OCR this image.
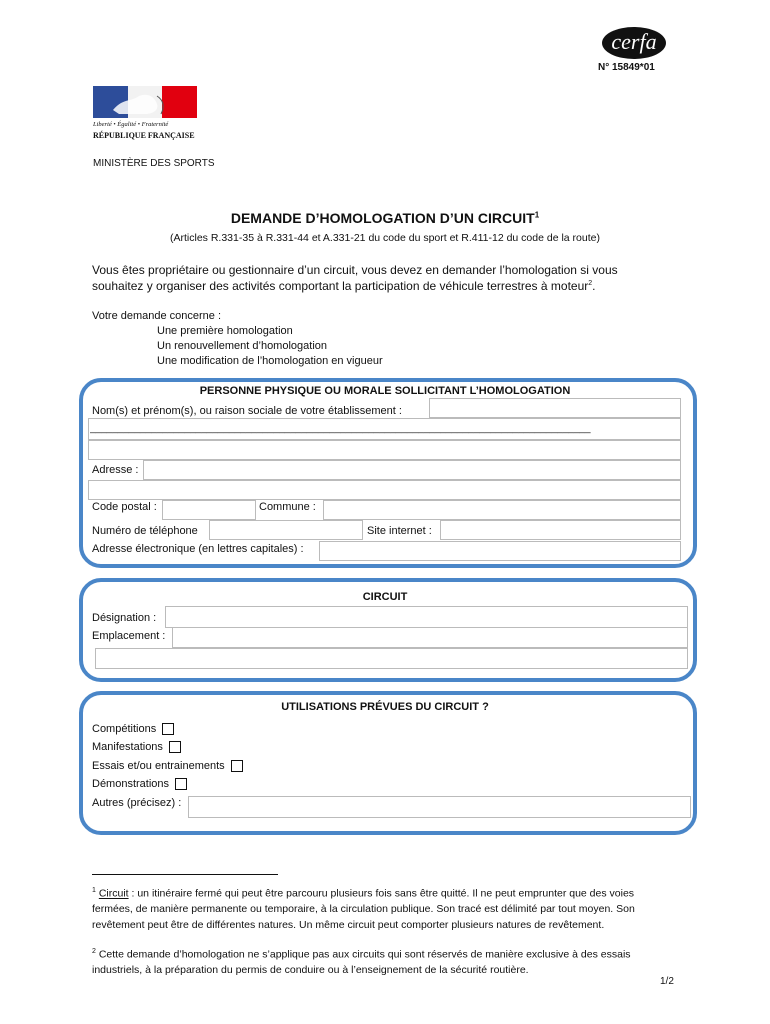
cerfa
N° 15849*01
Liberté • Égalité • Fraternité
RÉPUBLIQUE FRANÇAISE
MINISTÈRE DES SPORTS
DEMANDE D’HOMOLOGATION D’UN CIRCUIT$^1$
(Articles R.331-35 à R.331-44 et A.331-21 du code du sport et R.411-12 du code de la route)
Vous êtes propriétaire ou gestionnaire d’un circuit, vous devez en demander l’homologation si vous
souhaitez y organiser des activités comportant la participation de véhicule terrestres à moteur$^2$.
Votre demande concerne :
Une première homologation
Un renouvellement d’homologation
Une modification de l’homologation en vigueur
PERSONNE PHYSIQUE OU MORALE SOLLICITANT L’HOMOLOGATION
Nom(s) et prénom(s), ou raison sociale de votre établissement :
__________________________________________________________________________________________
Adresse :
Code postal :	Commune :
Numéro de téléphone	Site internet :
Adresse électronique (en lettres capitales) :
CIRCUIT
Désignation :
Emplacement :
UTILISATIONS PRÉVUES DU CIRCUIT ?
Compétitions
Manifestations
Essais et/ou entrainements
Démonstrations
Autres (précisez) :
$^1$ Circuit : un itinéraire fermé qui peut être parcouru plusieurs fois sans être quitté. Il ne peut emprunter que des voies fermées, de manière permanente ou temporaire, à la circulation publique. Son tracé est délimité par tout moyen. Son revêtement peut être de différentes natures. Un même circuit peut comporter plusieurs natures de revêtement.
$^2$ Cette demande d’homologation ne s’applique pas aux circuits qui sont réservés de manière exclusive à des essais industriels, à la préparation du permis de conduire ou à l’enseignement de la sécurité routière.
1/2
